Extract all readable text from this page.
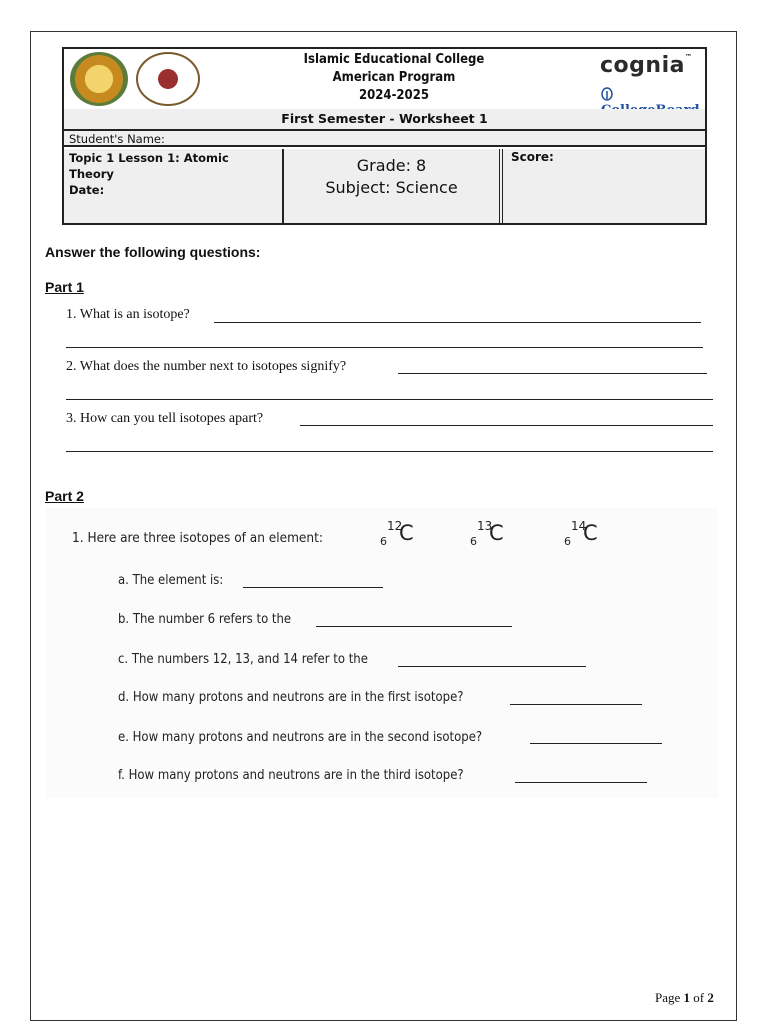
Islamic Educational College
American Program
2024-2025
cognia™
First Semester - Worksheet 1
Student's Name:
Topic 1 Lesson 1: Atomic Theory
Date:
Grade: 8
Subject: Science
Score:
Answer the following questions:
Part 1
1. What is an isotope?
2. What does the number next to isotopes signify?
3. How can you tell isotopes apart?
Part 2
1. Here are three isotopes of an element:
12
6 C	13
6 C	14
6 C
a. The element is:
b. The number 6 refers to the
c. The numbers 12, 13, and 14 refer to the
d. How many protons and neutrons are in the first isotope?
e. How many protons and neutrons are in the second isotope?
f. How many protons and neutrons are in the third isotope?
Page 1 of 2
